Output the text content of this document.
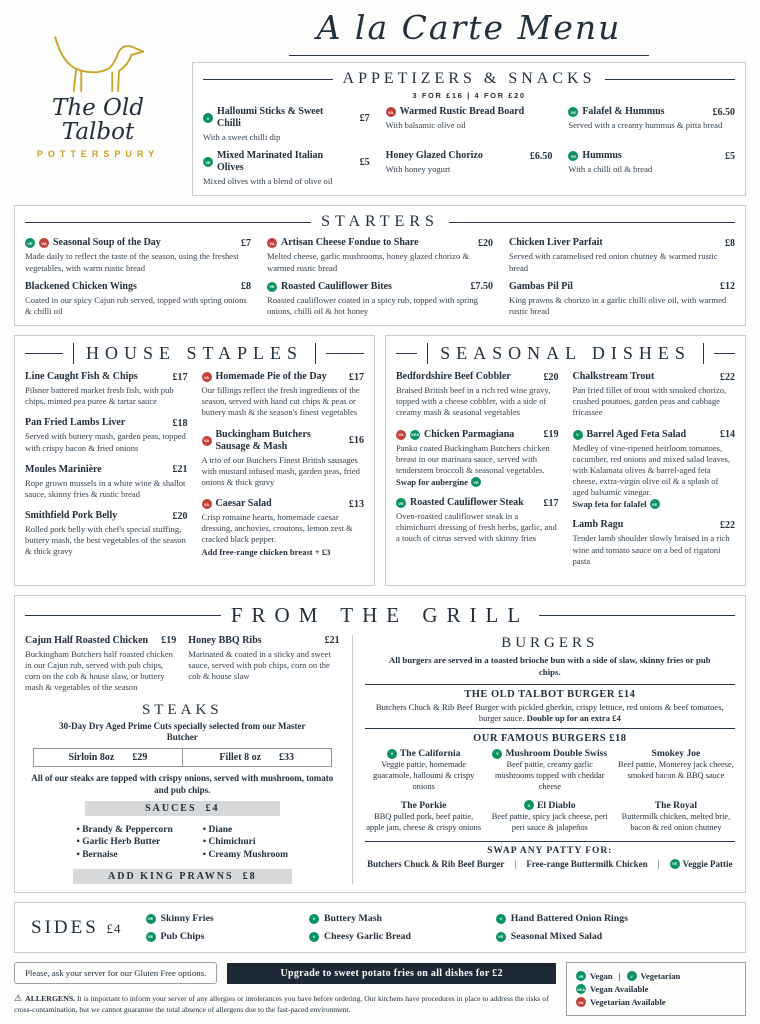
The Old Talbot
POTTERSPURY
A la Carte Menu
APPETIZERS & SNACKS
3 FOR £16 | 4 FOR £20
V
Halloumi Sticks & Sweet Chilli	£7
With a sweet chilli dip
VE
Mixed Marinated Italian Olives	£5
Mixed olives with a blend of olive oil
VA Warmed Rustic Bread Board
With balsamic olive oil
Honey Glazed Chorizo	£6.50
With honey yogurt
VE Falafel & Hummus	£6.50
Served with a creamy hummus & pitta bread
VE Hummus	£5
With a chilli oil & bread
STARTERS
VE	VA Seasonal Soup of the Day	£7
Made daily to reflect the taste of the season, using the freshest vegetables, with warm rustic bread
Blackened Chicken Wings	£8
Coated in our spicy Cajun rub served, topped with spring onions & chilli oil
VA Artisan Cheese Fondue to Share	£20
Melted cheese, garlic mushrooms, honey glazed chorizo & warmed rustic bread
VE Roasted Cauliflower Bites	£7.50
Roasted cauliflower coated in a spicy rub, topped with spring onions, chilli oil & hot honey
Chicken Liver Parfait	£8
Served with caramelised red onion chutney & warmed rustic bread
Gambas Pil Pil	£12
King prawns & chorizo in a garlic chilli olive oil, with warmed rustic bread
HOUSE STAPLES
Line Caught Fish & Chips	£17
Pilsner battered market fresh fish, with pub chips, minted pea puree & tartar sauce
Pan Fried Lambs Liver	£18
Served with buttery mash, garden peas, topped with crispy bacon & fried onions
Moules Marinière	£21
Rope grown mussels in a white wine & shallot sauce, skinny fries & rustic bread
Smithfield Pork Belly	£20
Rolled pork belly with chef's special stuffing, buttery mash, the best vegetables of the season & thick gravy
VA Homemade Pie of the Day	£17
Our fillings reflect the fresh ingredients of the season, served with hand cut chips & peas or buttery mash & the season's finest vegetables
VA
Buckingham Butchers Sausage & Mash	£16
A trio of our Butchers Finest British sausages with mustard infused mash, garden peas, fried onions & thick gravy
VA Caesar Salad	£13
Crisp romaine hearts, homemade caesar dressing, anchovies, croutons, lemon zest & cracked black pepper.
Add free-range chicken breast + £3
SEASONAL DISHES
Bedfordshire Beef Cobbler	£20
Braised British beef in a rich red wine gravy, topped with a cheese cobbler, with a side of creamy mash & seasonal vegetables
VA	VEA Chicken Parmagiana	£19
Panko coated Buckingham Butchers chicken breast in our marinara sauce, served with tenderstem broccoli & seasonal vegetables.
Swap for aubergine	VE
VE Roasted Cauliflower Steak	£17
Oven-roasted cauliflower steak in a chimichurri dressing of fresh herbs, garlic, and a touch of citrus served with skinny fries
Chalkstream Trout	£22
Pan fried fillet of trout with smoked chorizo, crushed potatoes, garden peas and cabbage fricassee
V Barrel Aged Feta Salad	£14
Medley of vine-ripened heirloom tomatoes, cucumber, red onions and mixed salad leaves, with Kalamata olives & barrel-aged feta cheese, extra-virgin olive oil & a splash of aged balsamic vinegar.
Swap feta for falafel	VE
Lamb Ragu	£22
Tender lamb shoulder slowly braised in a rich wine and tomato sauce on a bed of rigatoni pasta
FROM THE GRILL
Cajun Half Roasted Chicken	£19
Buckingham Butchers half roasted chicken in our Cajun rub, served with pub chips, corn on the cob & house slaw, or buttery mash & vegetables of the season
Honey BBQ Ribs	£21
Marinated & coated in a sticky and sweet sauce, served with pub chips, corn on the cob & house slaw
STEAKS

30-Day Dry Aged Prime Cuts specially selected from our Master Butcher

Sirloin 8oz £29	Fillet 8 oz £33

All of our steaks are topped with crispy onions, served with mushroom, tomato and pub chips.

SAUCES £4
• Brandy & Peppercorn
• Garlic Herb Butter
• Bernaise
• Diane
• Chimichuri
• Creamy Mushroom
ADD KING PRAWNS £8
BURGERS

All burgers are served in a toasted brioche bun with a side of slaw, skinny fries or pub chips.

THE OLD TALBOT BURGER £14

Butchers Chuck & Rib Beef Burger with pickled gherkin, crispy lettuce, red onions & beef tomatoes, burger sauce. Double up for an extra £4

OUR FAMOUS BURGERS £18
V The California
Veggie pattie, homemade guacamole, halloumi & crispy onions
V Mushroom Double Swiss
Beef pattie, creamy garlic mushrooms topped with cheddar cheese
Smokey Joe
Beef pattie, Monterey jack cheese, smoked bacon & BBQ sauce
The Porkie
BBQ pulled pork, beef pattie, apple jam, cheese & crispy onions
V El Diablo
Beef pattie, spicy jack cheese, peri peri sauce & jalapeños
The Royal
Buttermilk chicken, melted brie, bacon & red onion chutney
SWAP ANY PATTY FOR:
Butchers Chuck & Rib Beef Burger | Free-range Buttermilk Chicken |	VE Veggie Pattie
SIDES £4
VE Skinny Fries
VE Pub Chips
V Buttery Mash
V Cheesy Garlic Bread
V Hand Battered Onion Rings
VE Seasonal Mixed Salad
Please, ask your server for our Gluten Free options.	Upgrade to sweet potato fries on all dishes for £2

⚠ ALLERGENS. It is important to inform your server of any allergies or intolerances you have before ordering. Our kitchens have procedures in place to address the risks of cross-contamination, but we cannot guarantee the total absence of allergens due to the fast-paced environment.

VE Vegan |	V Vegetarian
VEA Vegan Available
VA Vegetarian Available
